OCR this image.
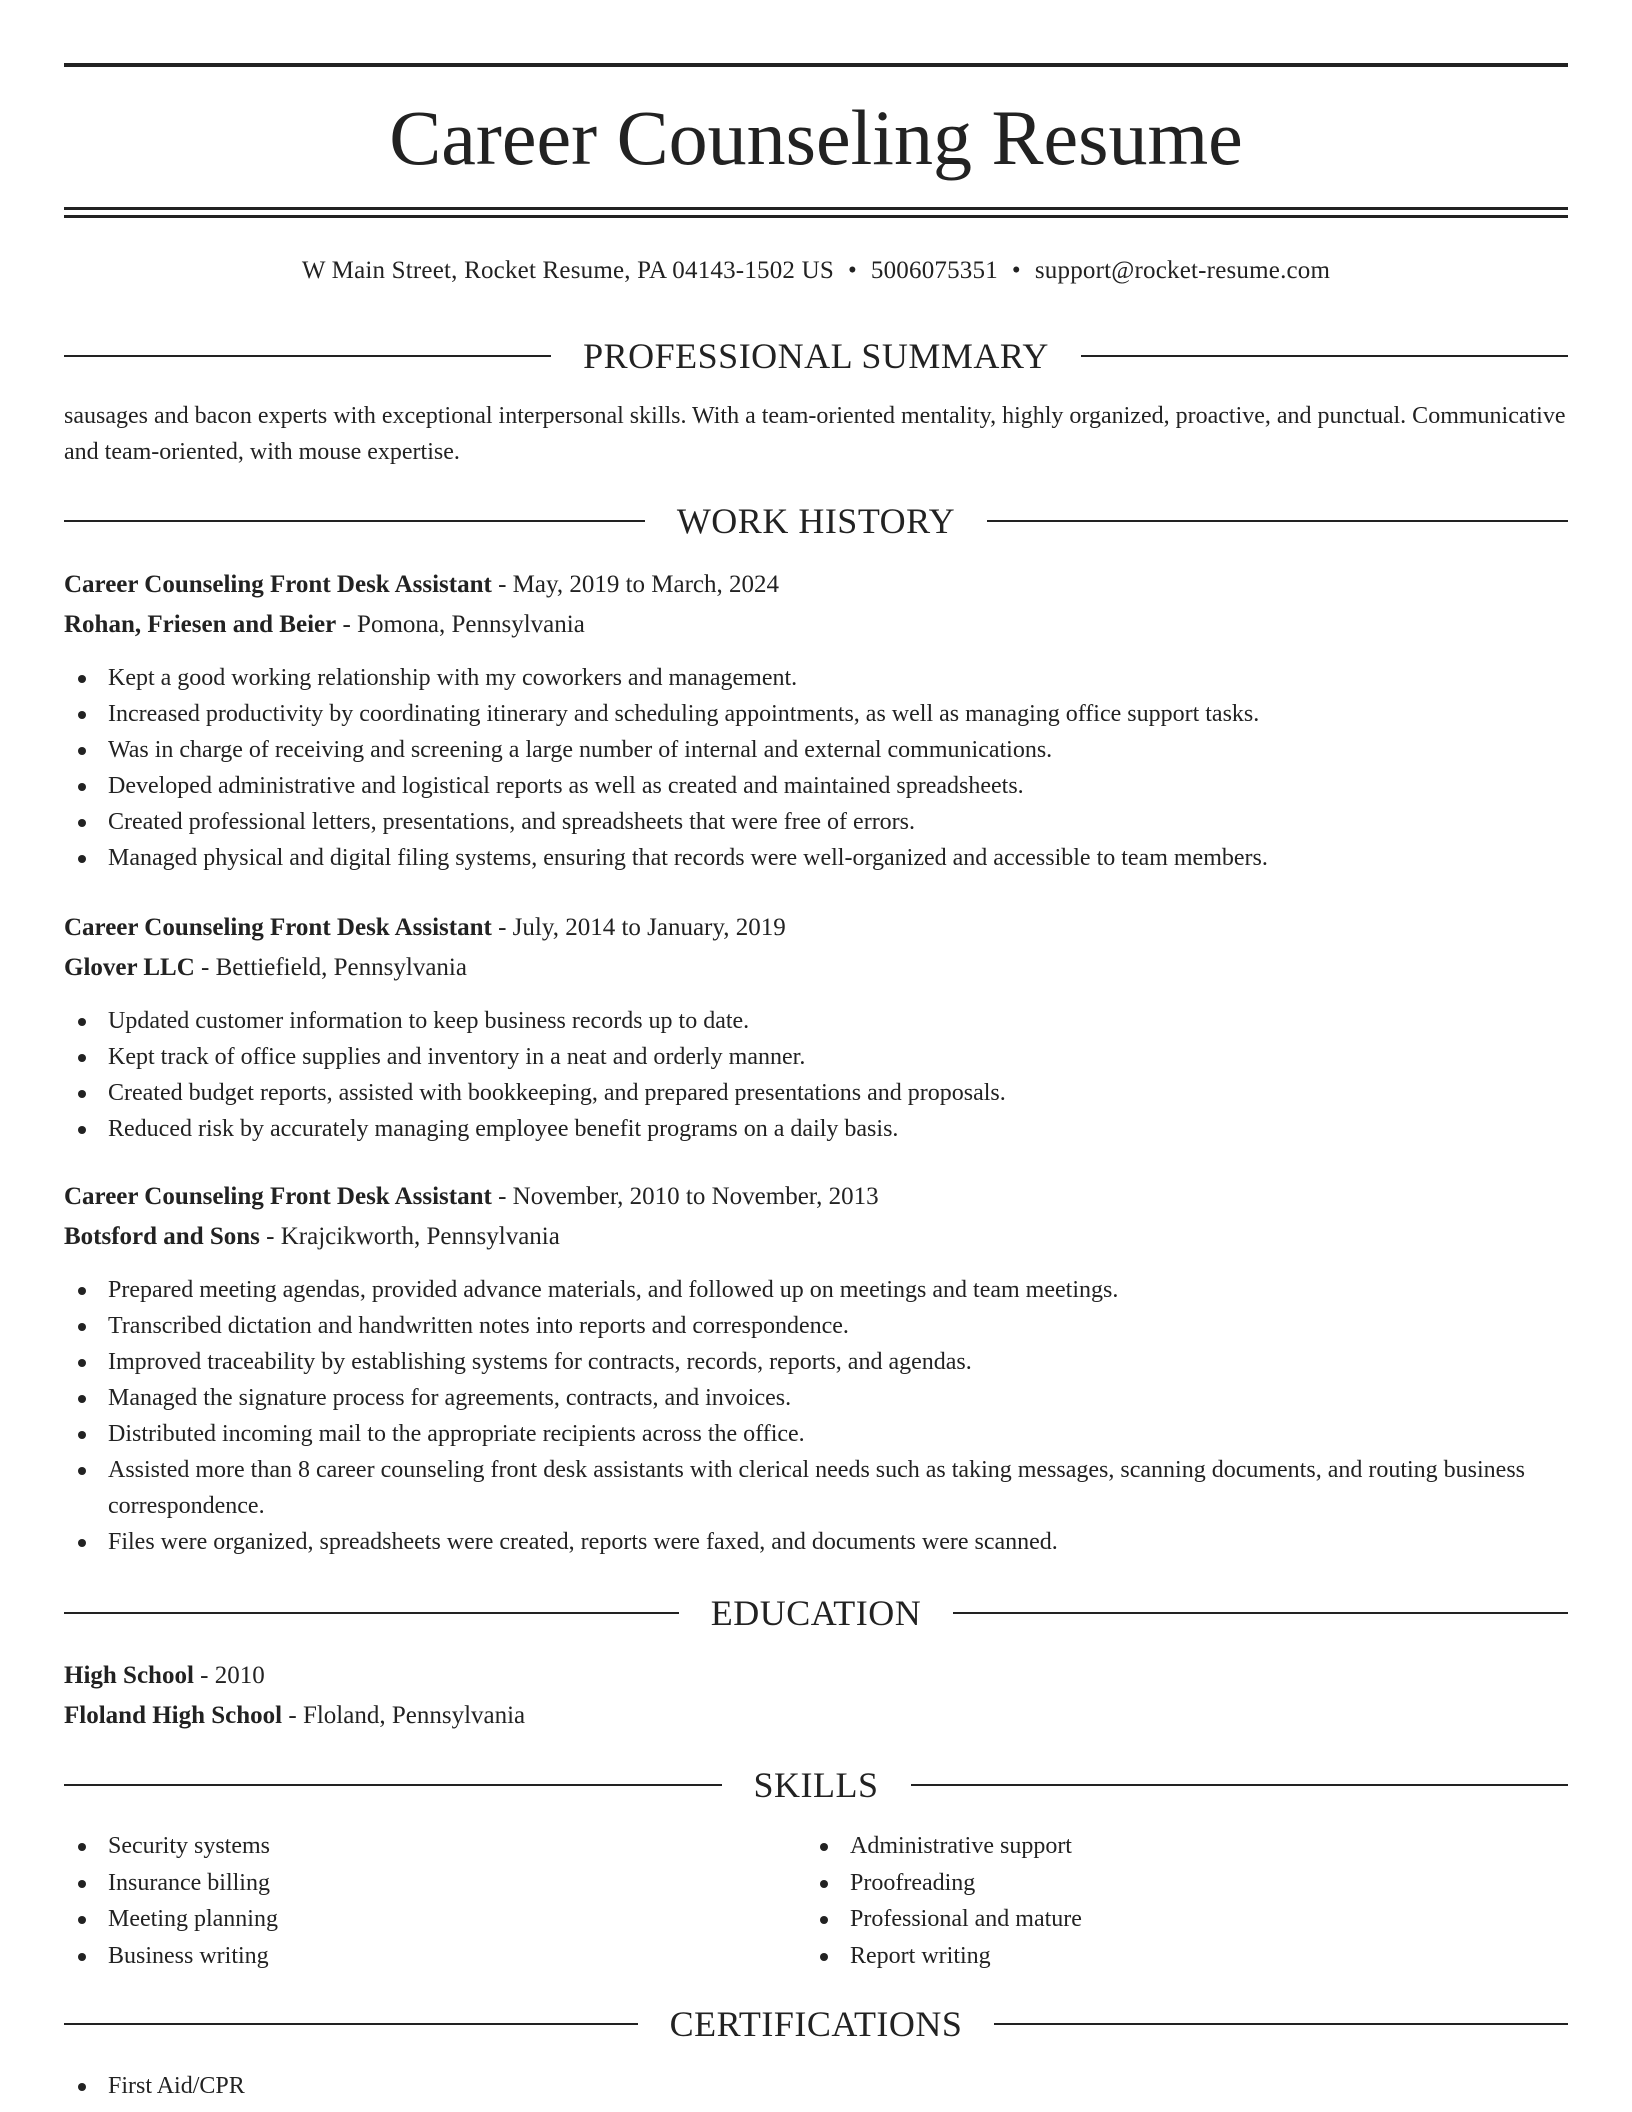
Career Counseling Resume
W Main Street, Rocket Resume, PA 04143-1502 US • 5006075351 • support@rocket-resume.com
PROFESSIONAL SUMMARY
sausages and bacon experts with exceptional interpersonal skills. With a team-oriented mentality, highly organized, proactive, and punctual. Communicative and team-oriented, with mouse expertise.
WORK HISTORY
Career Counseling Front Desk Assistant - May, 2019 to March, 2024
Rohan, Friesen and Beier - Pomona, Pennsylvania
Kept a good working relationship with my coworkers and management.
Increased productivity by coordinating itinerary and scheduling appointments, as well as managing office support tasks.
Was in charge of receiving and screening a large number of internal and external communications.
Developed administrative and logistical reports as well as created and maintained spreadsheets.
Created professional letters, presentations, and spreadsheets that were free of errors.
Managed physical and digital filing systems, ensuring that records were well-organized and accessible to team members.
Career Counseling Front Desk Assistant - July, 2014 to January, 2019
Glover LLC - Bettiefield, Pennsylvania
Updated customer information to keep business records up to date.
Kept track of office supplies and inventory in a neat and orderly manner.
Created budget reports, assisted with bookkeeping, and prepared presentations and proposals.
Reduced risk by accurately managing employee benefit programs on a daily basis.
Career Counseling Front Desk Assistant - November, 2010 to November, 2013
Botsford and Sons - Krajcikworth, Pennsylvania
Prepared meeting agendas, provided advance materials, and followed up on meetings and team meetings.
Transcribed dictation and handwritten notes into reports and correspondence.
Improved traceability by establishing systems for contracts, records, reports, and agendas.
Managed the signature process for agreements, contracts, and invoices.
Distributed incoming mail to the appropriate recipients across the office.
Assisted more than 8 career counseling front desk assistants with clerical needs such as taking messages, scanning documents, and routing business correspondence.
Files were organized, spreadsheets were created, reports were faxed, and documents were scanned.
EDUCATION
High School - 2010
Floland High School - Floland, Pennsylvania
SKILLS
Security systems
Insurance billing
Meeting planning
Business writing
Administrative support
Proofreading
Professional and mature
Report writing
CERTIFICATIONS
First Aid/CPR
